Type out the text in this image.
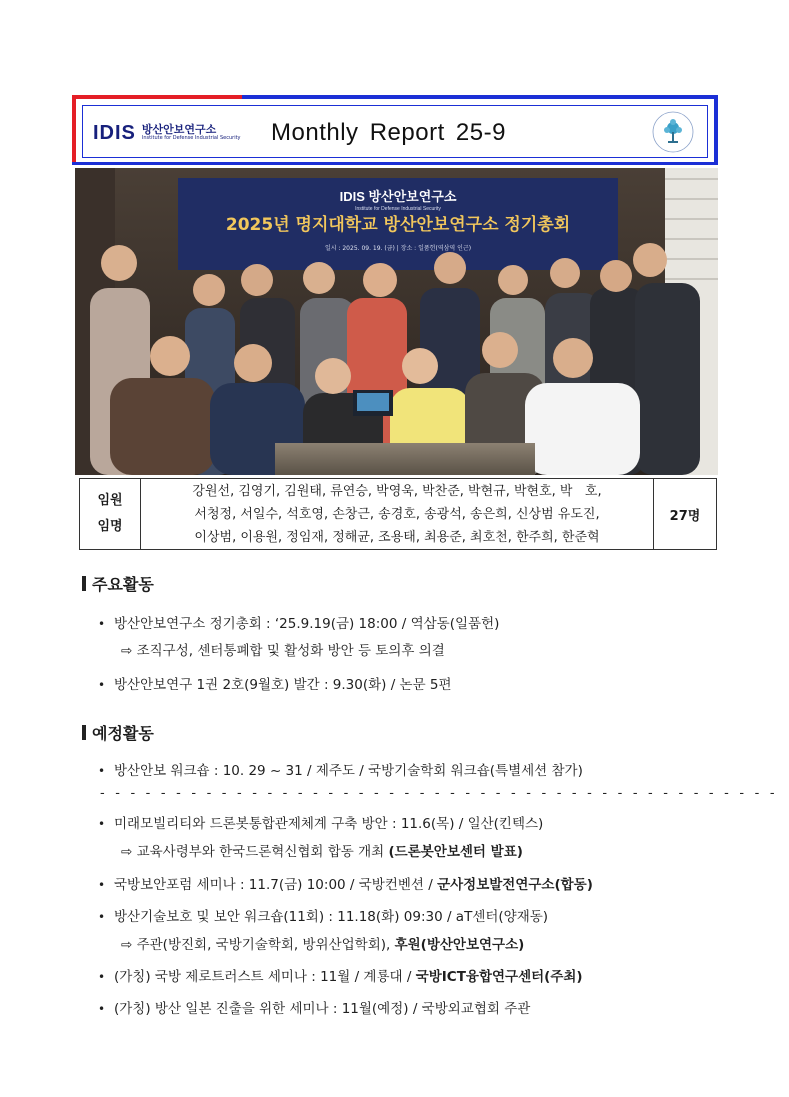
IDIS 방산안보연구소
Institute for Defense Industrial Security Monthly Report 25-9
IDIS 방산안보연구소
Institute for Defense Industrial Security
2025년 명지대학교 방산안보연구소 정기총회
일시 : 2025. 09. 19. (금) | 장소 : 일품헌(역삼역 인근)
임원
임명

강원선, 김영기, 김원태, 류연승, 박영욱, 박찬준, 박현규, 박현호, 박   호,
서청정, 서일수, 석호영, 손창근, 송경호, 송광석, 송은희, 신상범 유도진,
이상범, 이용원, 정임재, 정해균, 조용태, 최용준, 최호천, 한주희, 한준혁
	27명
주요활동
• 방산안보연구소 정기총회 : ‘25.9.19(금) 18:00 / 역삼동(일품헌)
⇨ 조직구성, 센터통폐합 및 활성화 방안 등 토의후 의결
• 방산안보연구 1권 2호(9월호) 발간 : 9.30(화) / 논문 5편
예정활동
• 방산안보 워크숍 : 10. 29 ~ 31 / 제주도 / 국방기술학회 워크숍(특별세션 참가)
- - - - - - - - - - - - - - - - - - - - - - - - - - - - - - - - - - - - - - - - - - - - -
• 미래모빌리티와 드론봇통합관제체계 구축 방안 : 11.6(목) / 일산(킨텍스)
⇨ 교육사령부와 한국드론혁신협회 합동 개최 (드론봇안보센터 발표)
• 국방보안포럼 세미나 : 11.7(금) 10:00 / 국방컨벤션 / 군사정보발전연구소(합동)
• 방산기술보호 및 보안 워크숍(11회) : 11.18(화) 09:30 / aT센터(양재동)
⇨ 주관(방진회, 국방기술학회, 방위산업학회), 후원(방산안보연구소)
• (가칭) 국방 제로트러스트 세미나 : 11월 / 계룡대 / 국방ICT융합연구센터(주최)
• (가칭) 방산 일본 진출을 위한 세미나 : 11월(예정) / 국방외교협회 주관
